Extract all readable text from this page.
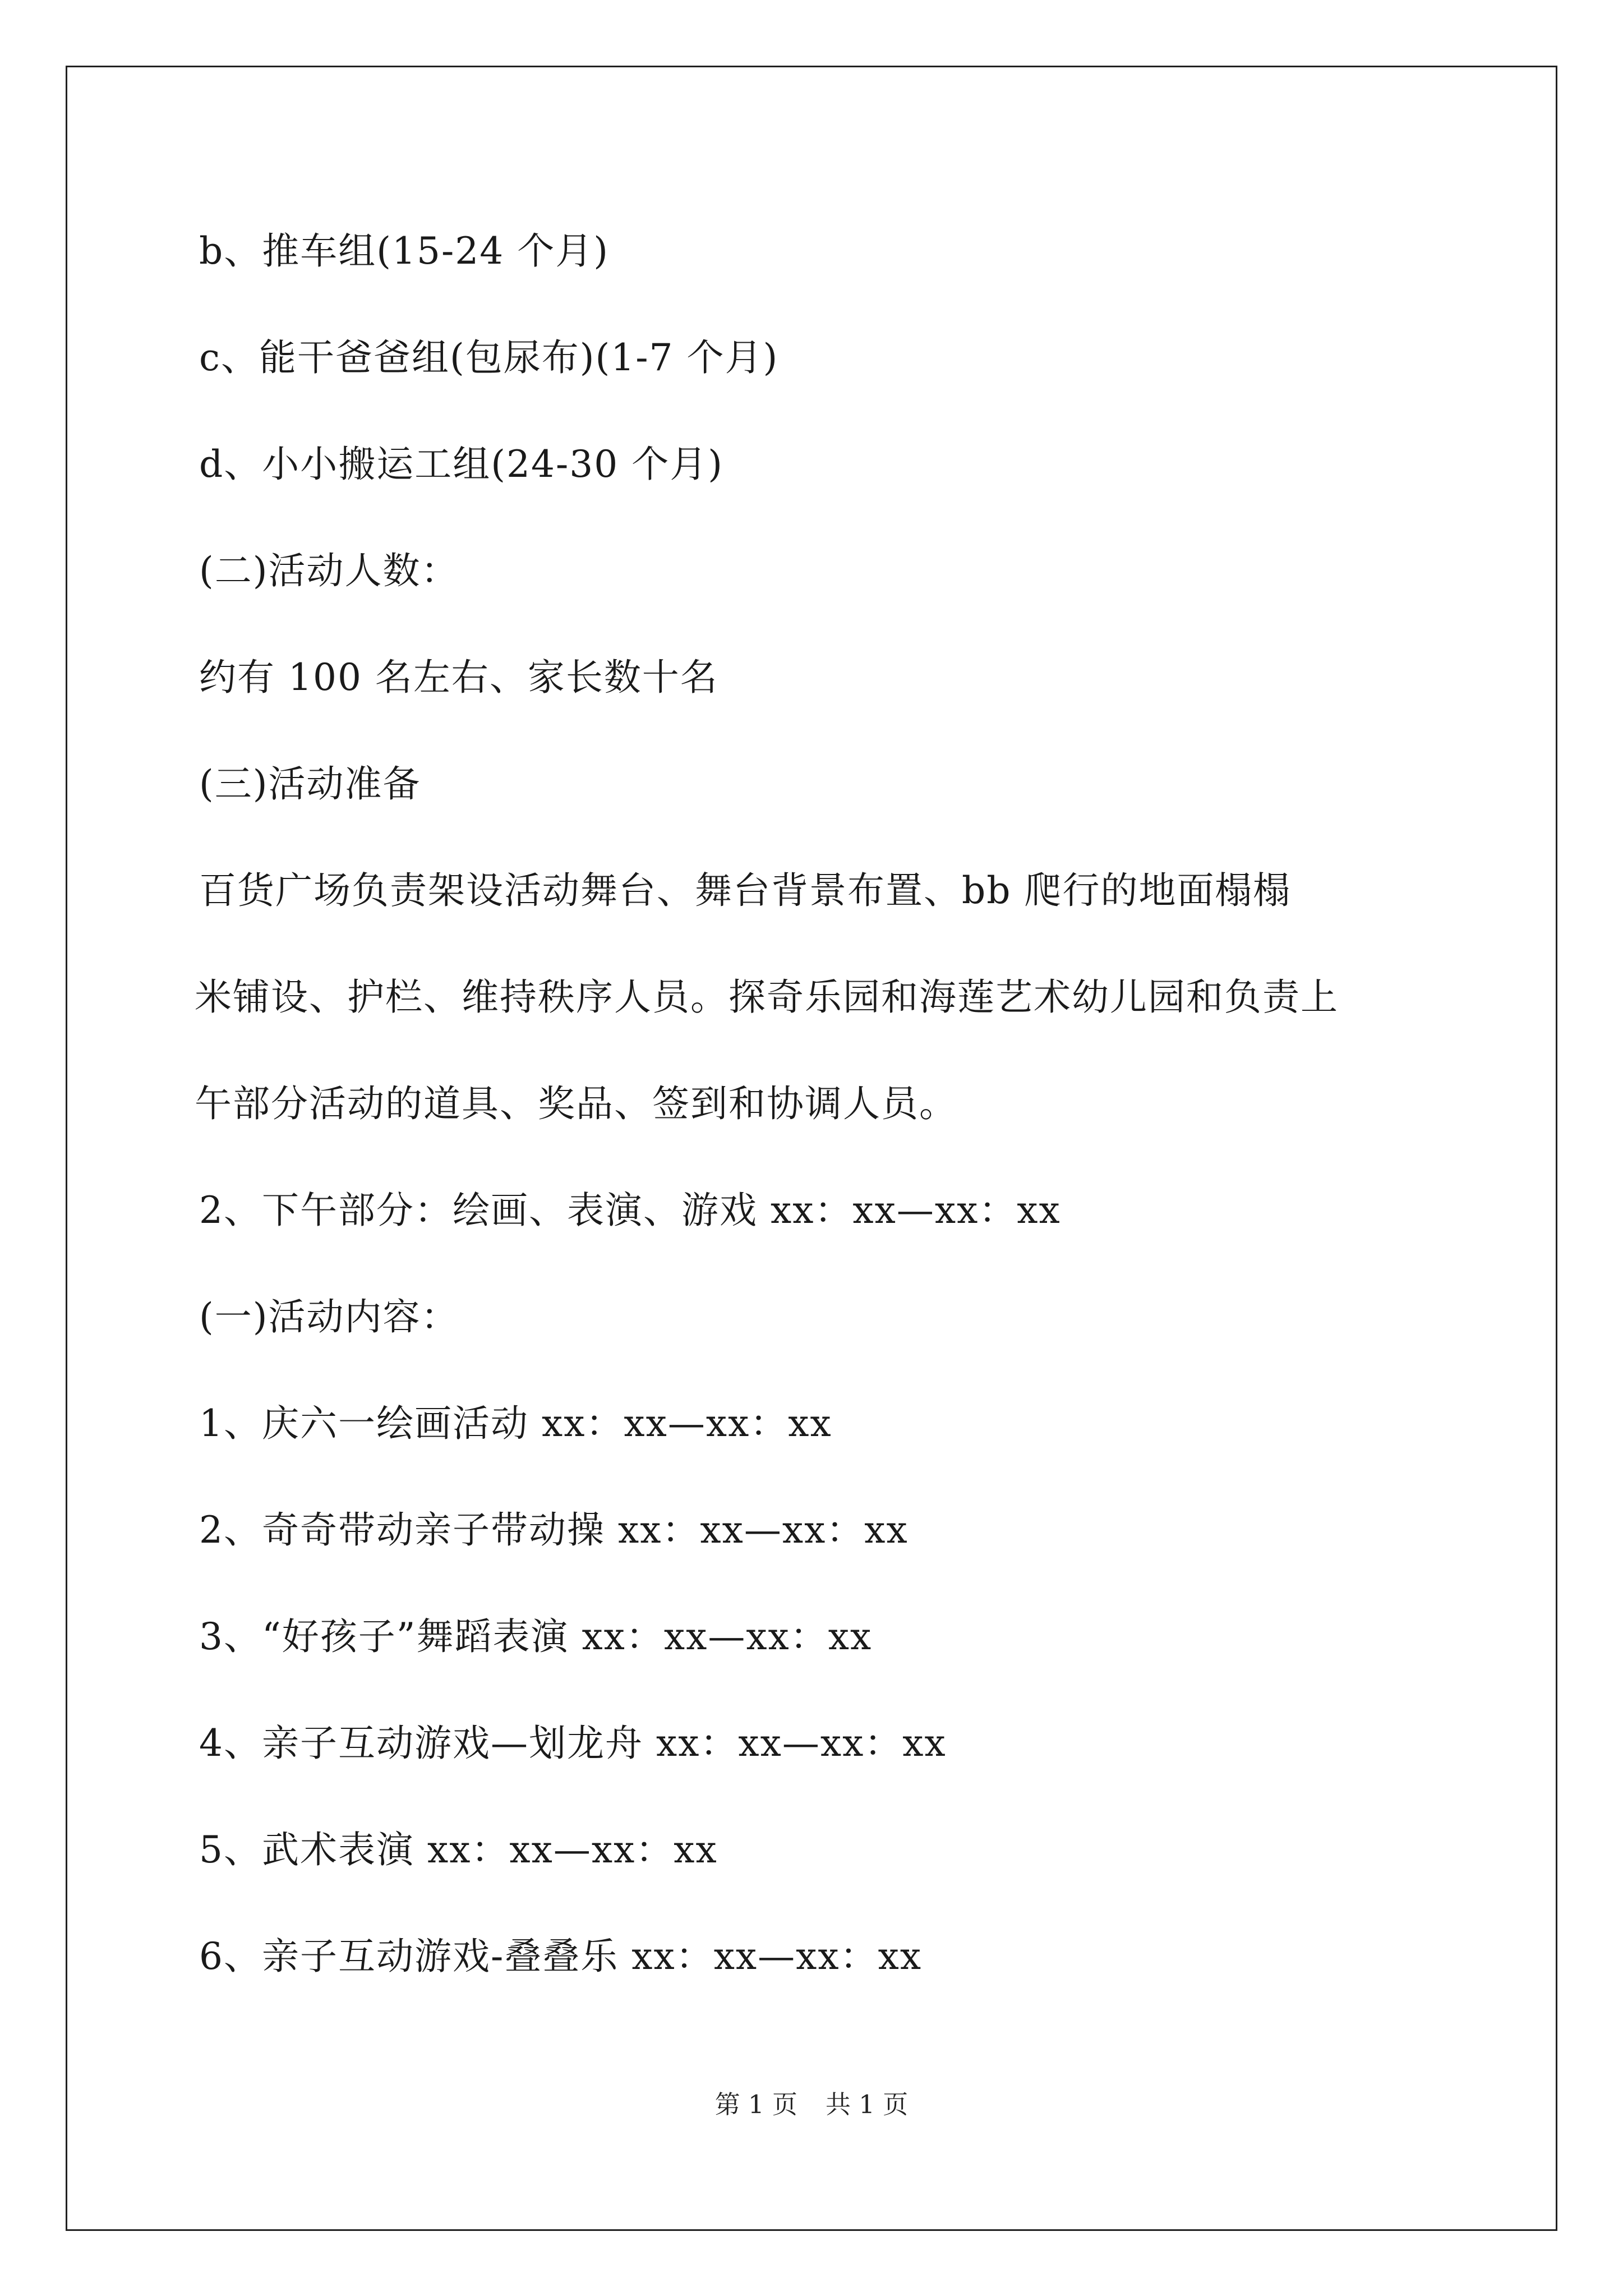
b、推车组(15-24 个月)
c、能干爸爸组(包尿布)(1-7 个月)
d、小小搬运工组(24-30 个月)
(二)活动人数：
约有 100 名左右、家长数十名
(三)活动准备
百货广场负责架设活动舞台、舞台背景布置、bb 爬行的地面榻榻
米铺设、护栏、维持秩序人员。探奇乐园和海莲艺术幼儿园和负责上
午部分活动的道具、奖品、签到和协调人员。
2、下午部分：绘画、表演、游戏 xx：xx—xx：xx
(一)活动内容：
1、庆六一绘画活动 xx：xx—xx：xx
2、奇奇带动亲子带动操 xx：xx—xx：xx
3、“好孩子”舞蹈表演 xx：xx—xx：xx
4、亲子互动游戏—划龙舟 xx：xx—xx：xx
5、武术表演 xx：xx—xx：xx
6、亲子互动游戏-叠叠乐 xx：xx—xx：xx
第 1 页 共 1 页
